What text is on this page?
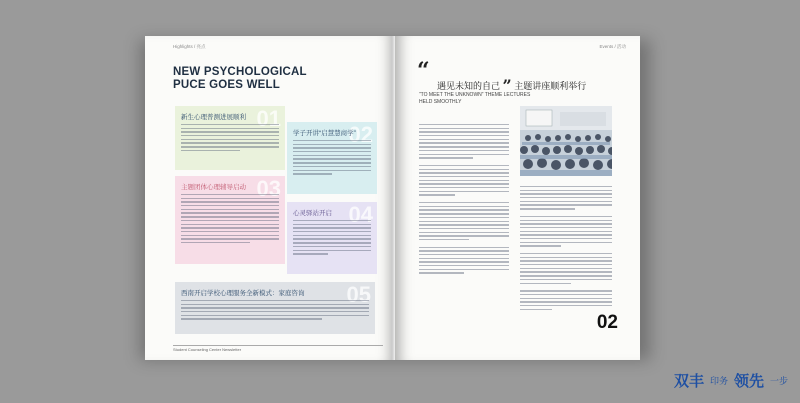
Highlights / 亮点
NEW PSYCHOLOGICAL
PUCE GOES WELL
01
新生心理普测进展顺利
02
学子开讲“启慧慧商学”
03
主题团体心理辅导启动
04
心灵驿站开启
05
西南开启学校心理服务全新模式：家庭咨询
Student Counseling Center Newsletter
Events / 活动
“
遇见未知的自己 ” 主题讲座顺利举行
“TO MEET THE UNKNOWN” THEME LECTURES HELD SMOOTHLY
02
双丰 印务 领先 一步
